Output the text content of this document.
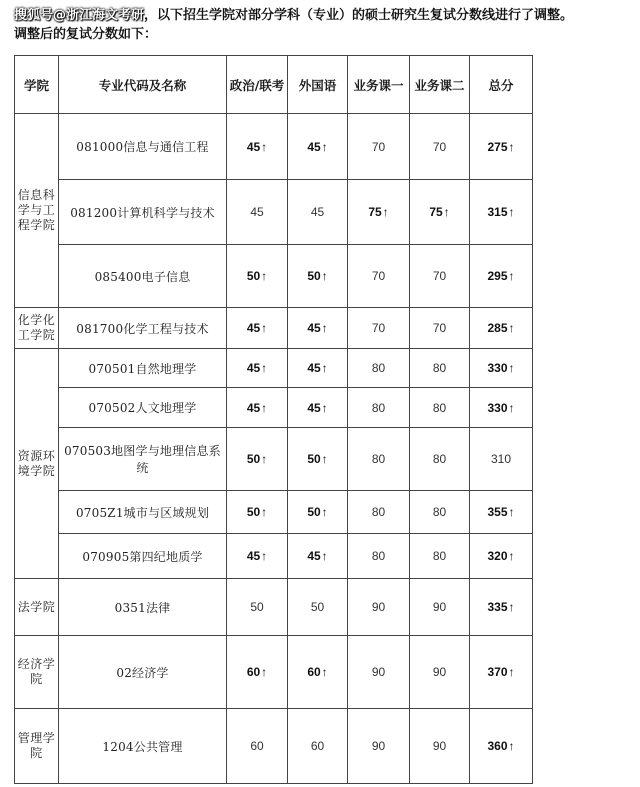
搜狐号@浙江海文考研，以下招生学院对部分学科（专业）的硕士研究生复试分数线进行了调整。
调整后的复试分数如下：
学院	专业代码及名称	政治/联考	外国语	业务课一	业务课二	总分
信息科学与工程学院	081000信息与通信工程	45↑	45↑	70	70	275↑
	081200计算机科学与技术	45	45	75↑	75↑	315↑
	085400电子信息	50↑	50↑	70	70	295↑
化学化工学院	081700化学工程与技术	45↑	45↑	70	70	285↑
资源环境学院	070501自然地理学	45↑	45↑	80	80	330↑
	070502人文地理学	45↑	45↑	80	80	330↑
	070503地图学与地理信息系统	50↑	50↑	80	80	310
	0705Z1城市与区域规划	50↑	50↑	80	80	355↑
	070905第四纪地质学	45↑	45↑	80	80	320↑
法学院	0351法律	50	50	90	90	335↑
经济学院	02经济学	60↑	60↑	90	90	370↑
管理学院	1204公共管理	60	60	90	90	360↑
